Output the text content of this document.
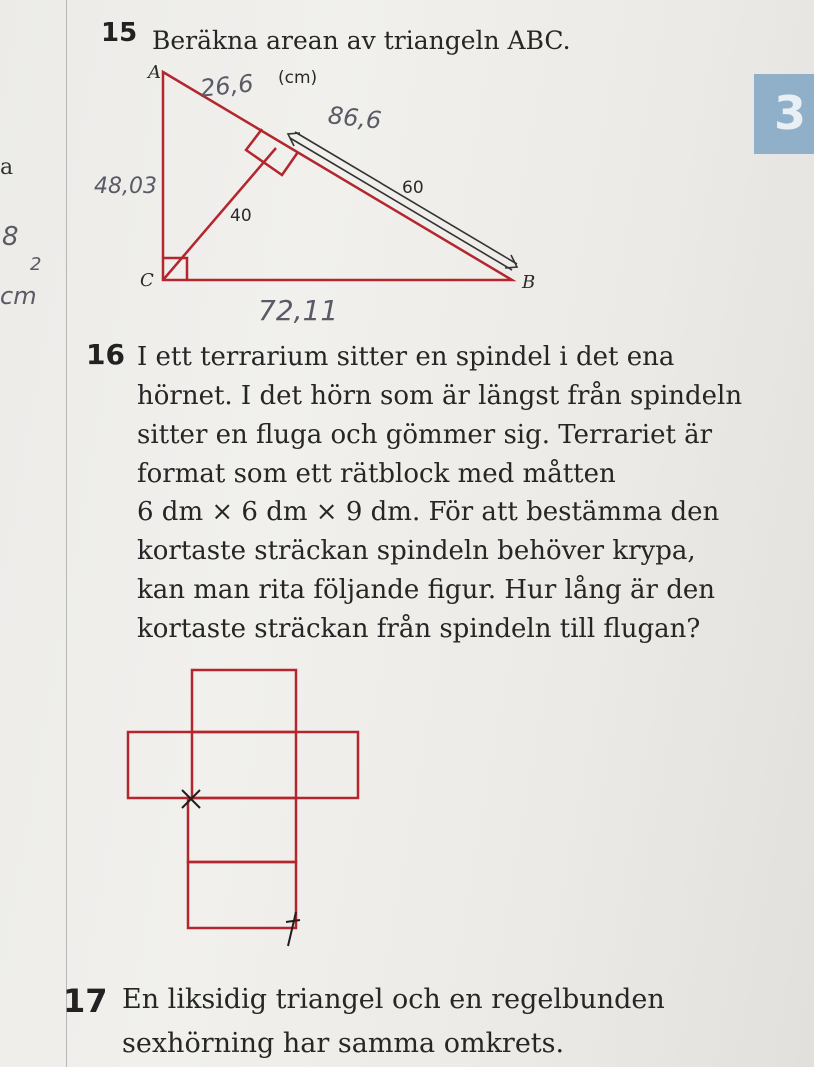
3
a
8
2
cm
15 Beräkna arean av triangeln ABC.
A
B
C
(cm)
40
60
26,6
86,6
48,03
72,11
16 I ett terrarium sitter en spindel i det ena
hörnet. I det hörn som är längst från spindeln
sitter en fluga och gömmer sig. Terrariet är
format som ett rätblock med måtten
6 dm × 6 dm × 9 dm. För att bestämma den
kortaste sträckan spindeln behöver krypa,
kan man rita följande figur. Hur lång är den
kortaste sträckan från spindeln till flugan?
17 En liksidig triangel och en regelbunden
sexhörning har samma omkrets.
